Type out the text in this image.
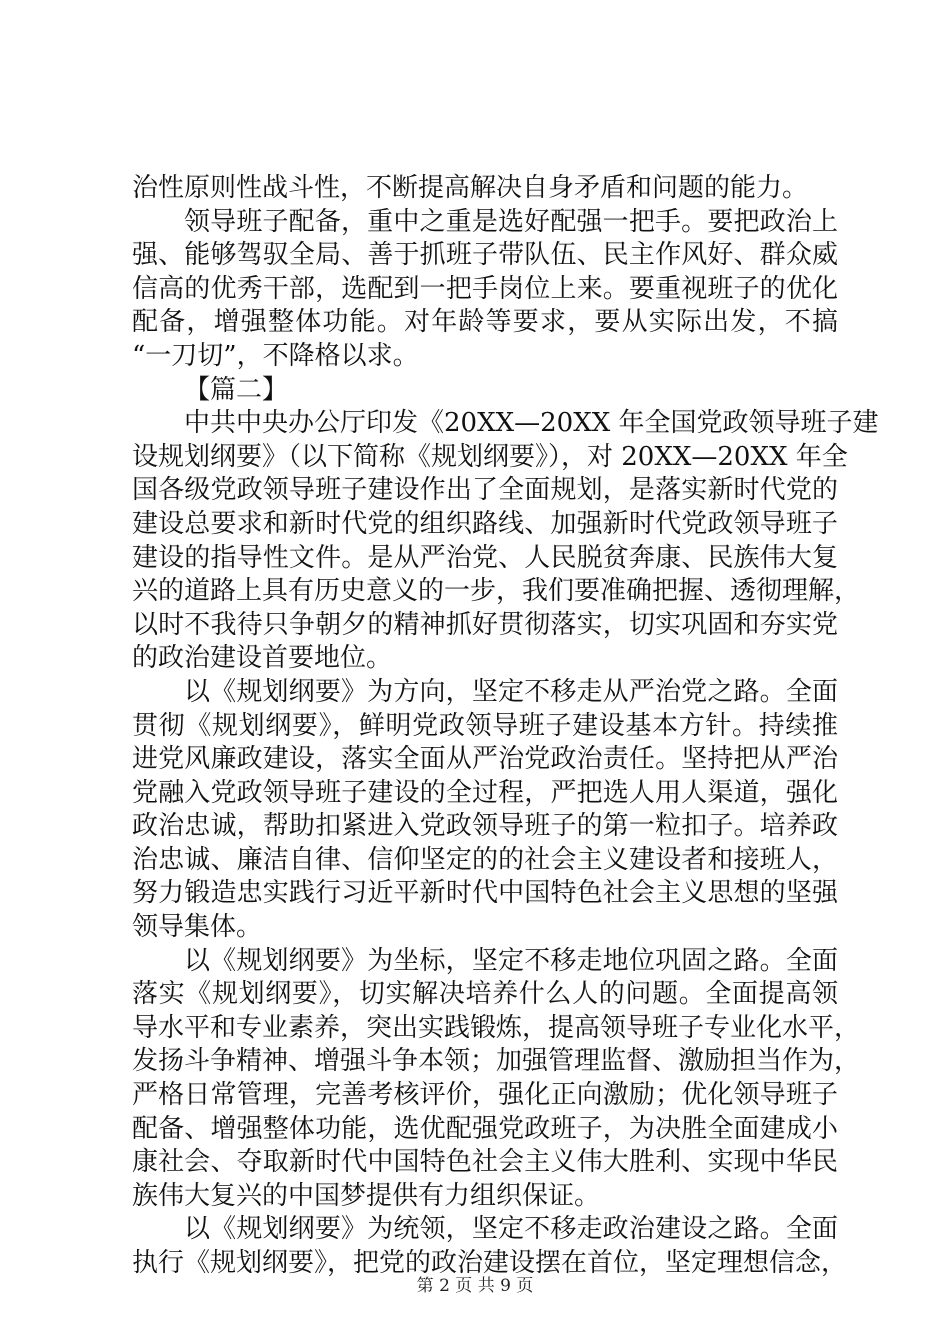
治性原则性战斗性，不断提高解决自身矛盾和问题的能力。
领导班子配备，重中之重是选好配强一把手。要把政治上
强、能够驾驭全局、善于抓班子带队伍、民主作风好、群众威
信高的优秀干部，选配到一把手岗位上来。要重视班子的优化
配备，增强整体功能。对年龄等要求，要从实际出发，不搞
“一刀切”，不降格以求。
【篇二】
中共中央办公厅印发《20XX—20XX 年全国党政领导班子建
设规划纲要》（以下简称《规划纲要》），对 20XX—20XX 年全
国各级党政领导班子建设作出了全面规划，是落实新时代党的
建设总要求和新时代党的组织路线、加强新时代党政领导班子
建设的指导性文件。是从严治党、人民脱贫奔康、民族伟大复
兴的道路上具有历史意义的一步，我们要准确把握、透彻理解，
以时不我待只争朝夕的精神抓好贯彻落实，切实巩固和夯实党
的政治建设首要地位。
以《规划纲要》为方向，坚定不移走从严治党之路。全面
贯彻《规划纲要》，鲜明党政领导班子建设基本方针。持续推
进党风廉政建设，落实全面从严治党政治责任。坚持把从严治
党融入党政领导班子建设的全过程，严把选人用人渠道，强化
政治忠诚，帮助扣紧进入党政领导班子的第一粒扣子。培养政
治忠诚、廉洁自律、信仰坚定的的社会主义建设者和接班人，
努力锻造忠实践行习近平新时代中国特色社会主义思想的坚强
领导集体。
以《规划纲要》为坐标，坚定不移走地位巩固之路。全面
落实《规划纲要》，切实解决培养什么人的问题。全面提高领
导水平和专业素养，突出实践锻炼，提高领导班子专业化水平，
发扬斗争精神、增强斗争本领；加强管理监督、激励担当作为，
严格日常管理，完善考核评价，强化正向激励；优化领导班子
配备、增强整体功能，选优配强党政班子，为决胜全面建成小
康社会、夺取新时代中国特色社会主义伟大胜利、实现中华民
族伟大复兴的中国梦提供有力组织保证。
以《规划纲要》为统领，坚定不移走政治建设之路。全面
执行《规划纲要》，把党的政治建设摆在首位，坚定理想信念，
第 2 页 共 9 页
